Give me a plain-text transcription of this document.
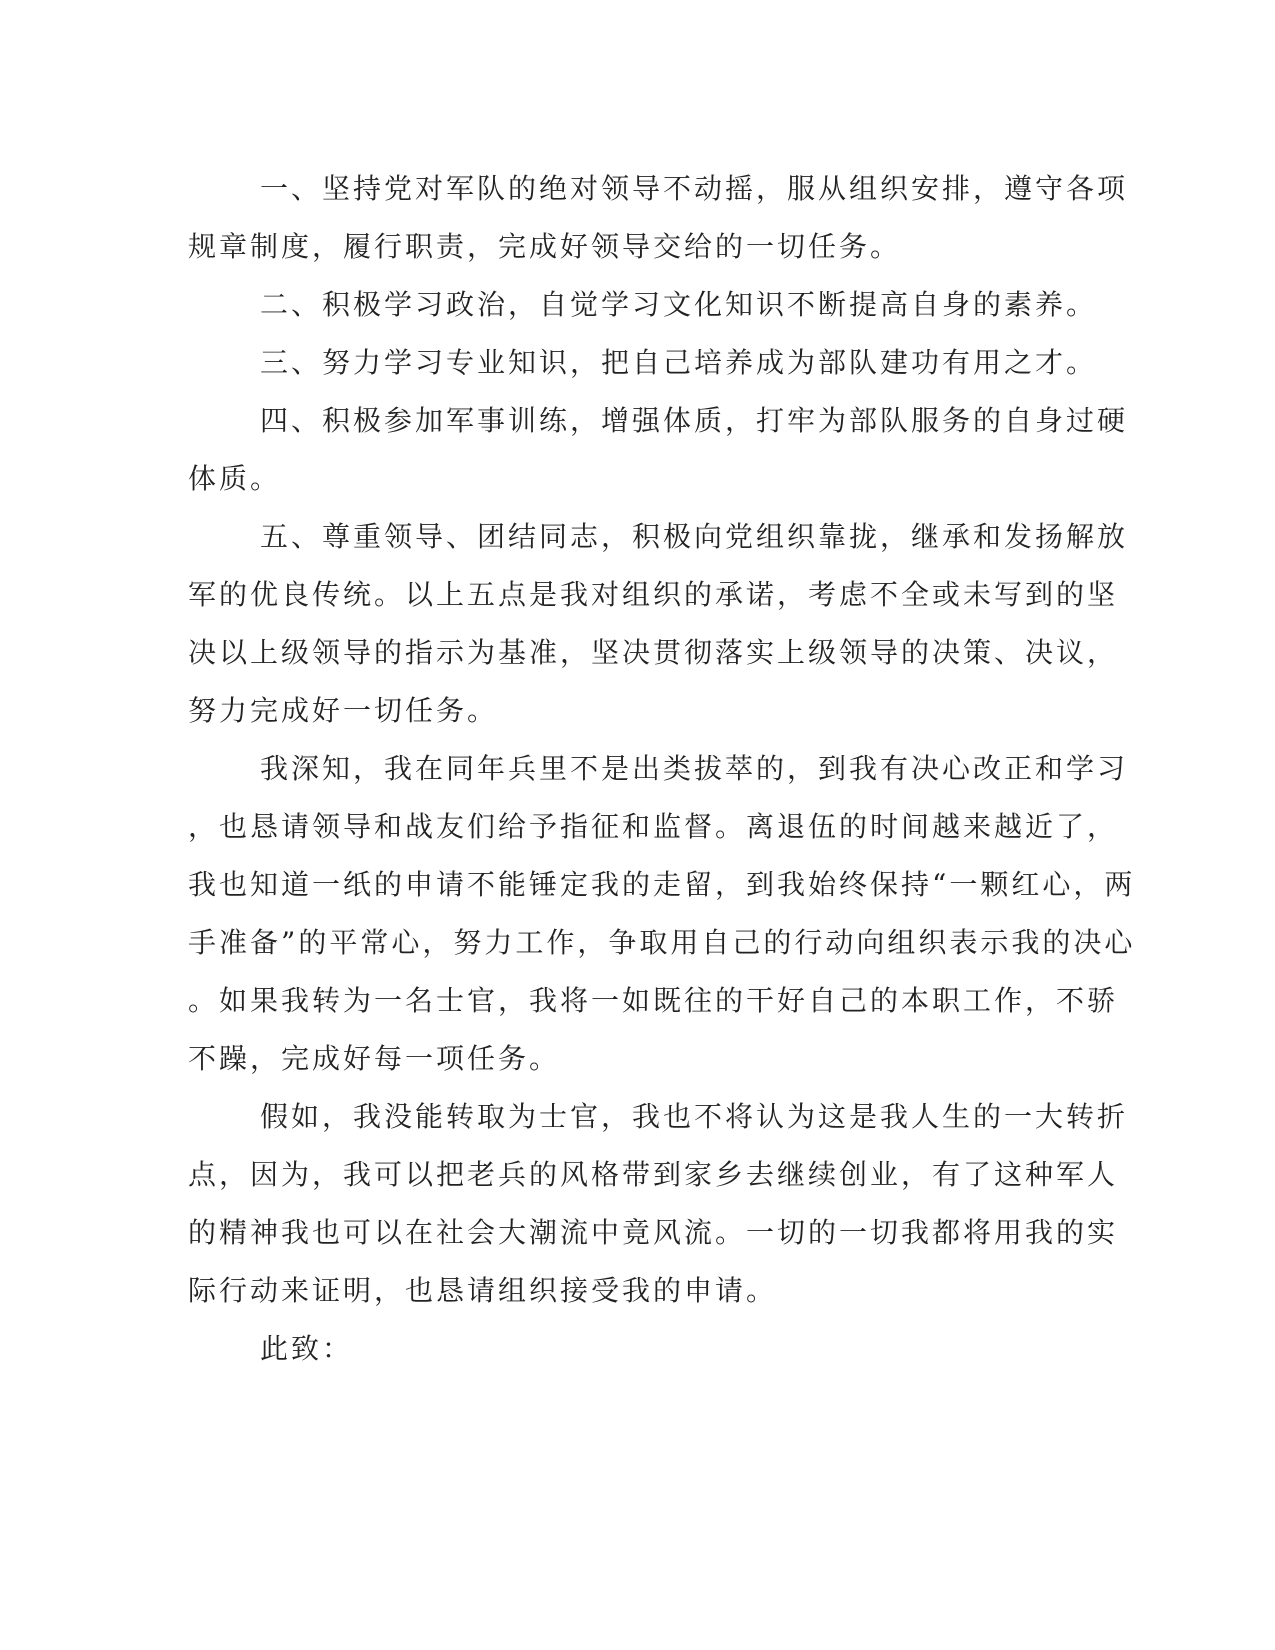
一、坚持党对军队的绝对领导不动摇，服从组织安排，遵守各项
规章制度，履行职责，完成好领导交给的一切任务。
二、积极学习政治，自觉学习文化知识不断提高自身的素养。
三、努力学习专业知识，把自己培养成为部队建功有用之才。
四、积极参加军事训练，增强体质，打牢为部队服务的自身过硬
体质。
五、尊重领导、团结同志，积极向党组织靠拢，继承和发扬解放
军的优良传统。以上五点是我对组织的承诺，考虑不全或未写到的坚
决以上级领导的指示为基准，坚决贯彻落实上级领导的决策、决议，
努力完成好一切任务。
我深知，我在同年兵里不是出类拔萃的，到我有决心改正和学习
，也恳请领导和战友们给予指征和监督。离退伍的时间越来越近了，
我也知道一纸的申请不能锤定我的走留，到我始终保持“一颗红心，两
手准备”的平常心，努力工作，争取用自己的行动向组织表示我的决心
。如果我转为一名士官，我将一如既往的干好自己的本职工作，不骄
不躁，完成好每一项任务。
假如，我没能转取为士官，我也不将认为这是我人生的一大转折
点，因为，我可以把老兵的风格带到家乡去继续创业，有了这种军人
的精神我也可以在社会大潮流中竟风流。一切的一切我都将用我的实
际行动来证明，也恳请组织接受我的申请。
此致：
